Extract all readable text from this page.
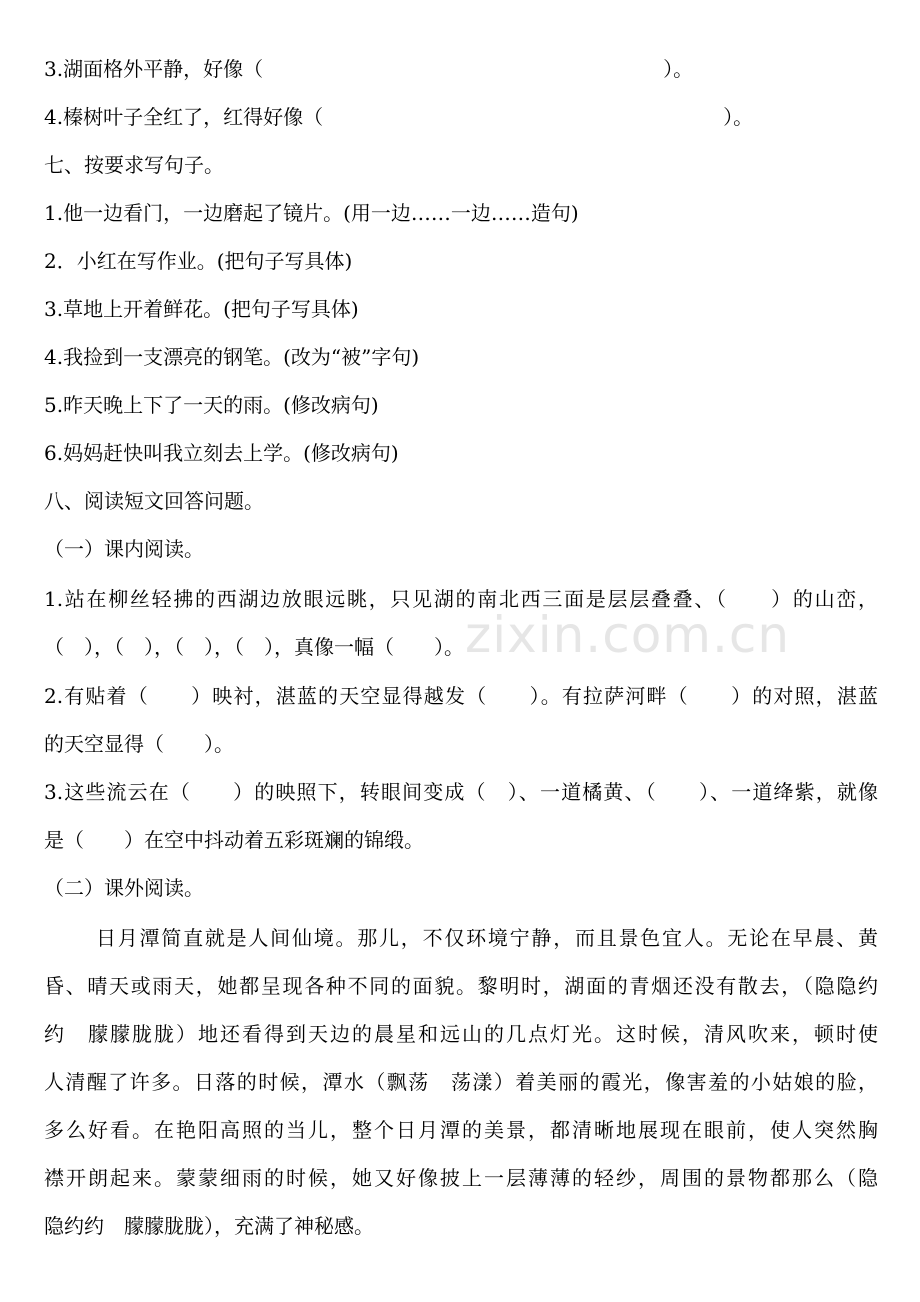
zixin.com.cn
3.湖面格外平静，好像（　　　　　　　　　　　　　　　　　　　　）。
4.榛树叶子全红了，红得好像（　　　　　　　　　　　　　　　　　　　　）。
七、按要求写句子。
1.他一边看门，一边磨起了镜片。(用一边……一边……造句)
2．小红在写作业。(把句子写具体)
3.草地上开着鲜花。(把句子写具体)
4.我捡到一支漂亮的钢笔。(改为“被”字句)
5.昨天晚上下了一天的雨。(修改病句)
6.妈妈赶快叫我立刻去上学。(修改病句)
八、阅读短文回答问题。
（一）课内阅读。
1.站在柳丝轻拂的西湖边放眼远眺，只见湖的南北西三面是层层叠叠、（　　）的山峦，
（　），（　），（　），（　），真像一幅（　　）。
2.有贴着（　　）映衬，湛蓝的天空显得越发（　　）。有拉萨河畔（　　）的对照，湛蓝
的天空显得（　　）。
3.这些流云在（　　）的映照下，转眼间变成（　）、一道橘黄、（　　）、一道绛紫，就像
是（　　）在空中抖动着五彩斑斓的锦缎。
（二）课外阅读。
日月潭简直就是人间仙境。那儿，不仅环境宁静，而且景色宜人。无论在早晨、黄
昏、晴天或雨天，她都呈现各种不同的面貌。黎明时，湖面的青烟还没有散去，（隐隐约
约　朦朦胧胧）地还看得到天边的晨星和远山的几点灯光。这时候，清风吹来，顿时使
人清醒了许多。日落的时候，潭水（飘荡　荡漾）着美丽的霞光，像害羞的小姑娘的脸，
多么好看。在艳阳高照的当儿，整个日月潭的美景，都清晰地展现在眼前，使人突然胸
襟开朗起来。蒙蒙细雨的时候，她又好像披上一层薄薄的轻纱，周围的景物都那么（隐
隐约约　朦朦胧胧），充满了神秘感。
